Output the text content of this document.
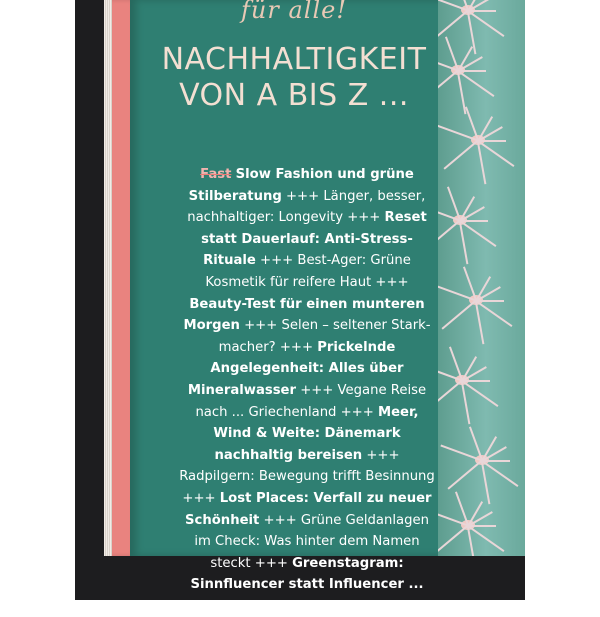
für alle!
NACHHALTIGKEIT
VON A BIS Z ...
Fast Slow Fashion und grüne Stilberatung +++ Länger, besser, nachhaltiger: Longevity +++ Reset statt Dauerlauf: Anti-Stress-Rituale +++ Best-Ager: Grüne Kosmetik für reifere Haut +++ Beauty-Test für einen munteren Morgen +++ Selen – seltener Starkmacher? +++ Prickelnde Angelegenheit: Alles über Mineralwasser +++ Vegane Reise nach ... Griechenland +++ Meer, Wind & Weite: Dänemark nachhaltig bereisen +++ Radpilgern: Bewegung trifft Besinnung +++ Lost Places: Verfall zu neuer Schönheit +++ Grüne Geldanlagen im Check: Was hinter dem Namen steckt +++ Greenstagram: Sinnfluencer statt Influencer ... und vieles mehr!
